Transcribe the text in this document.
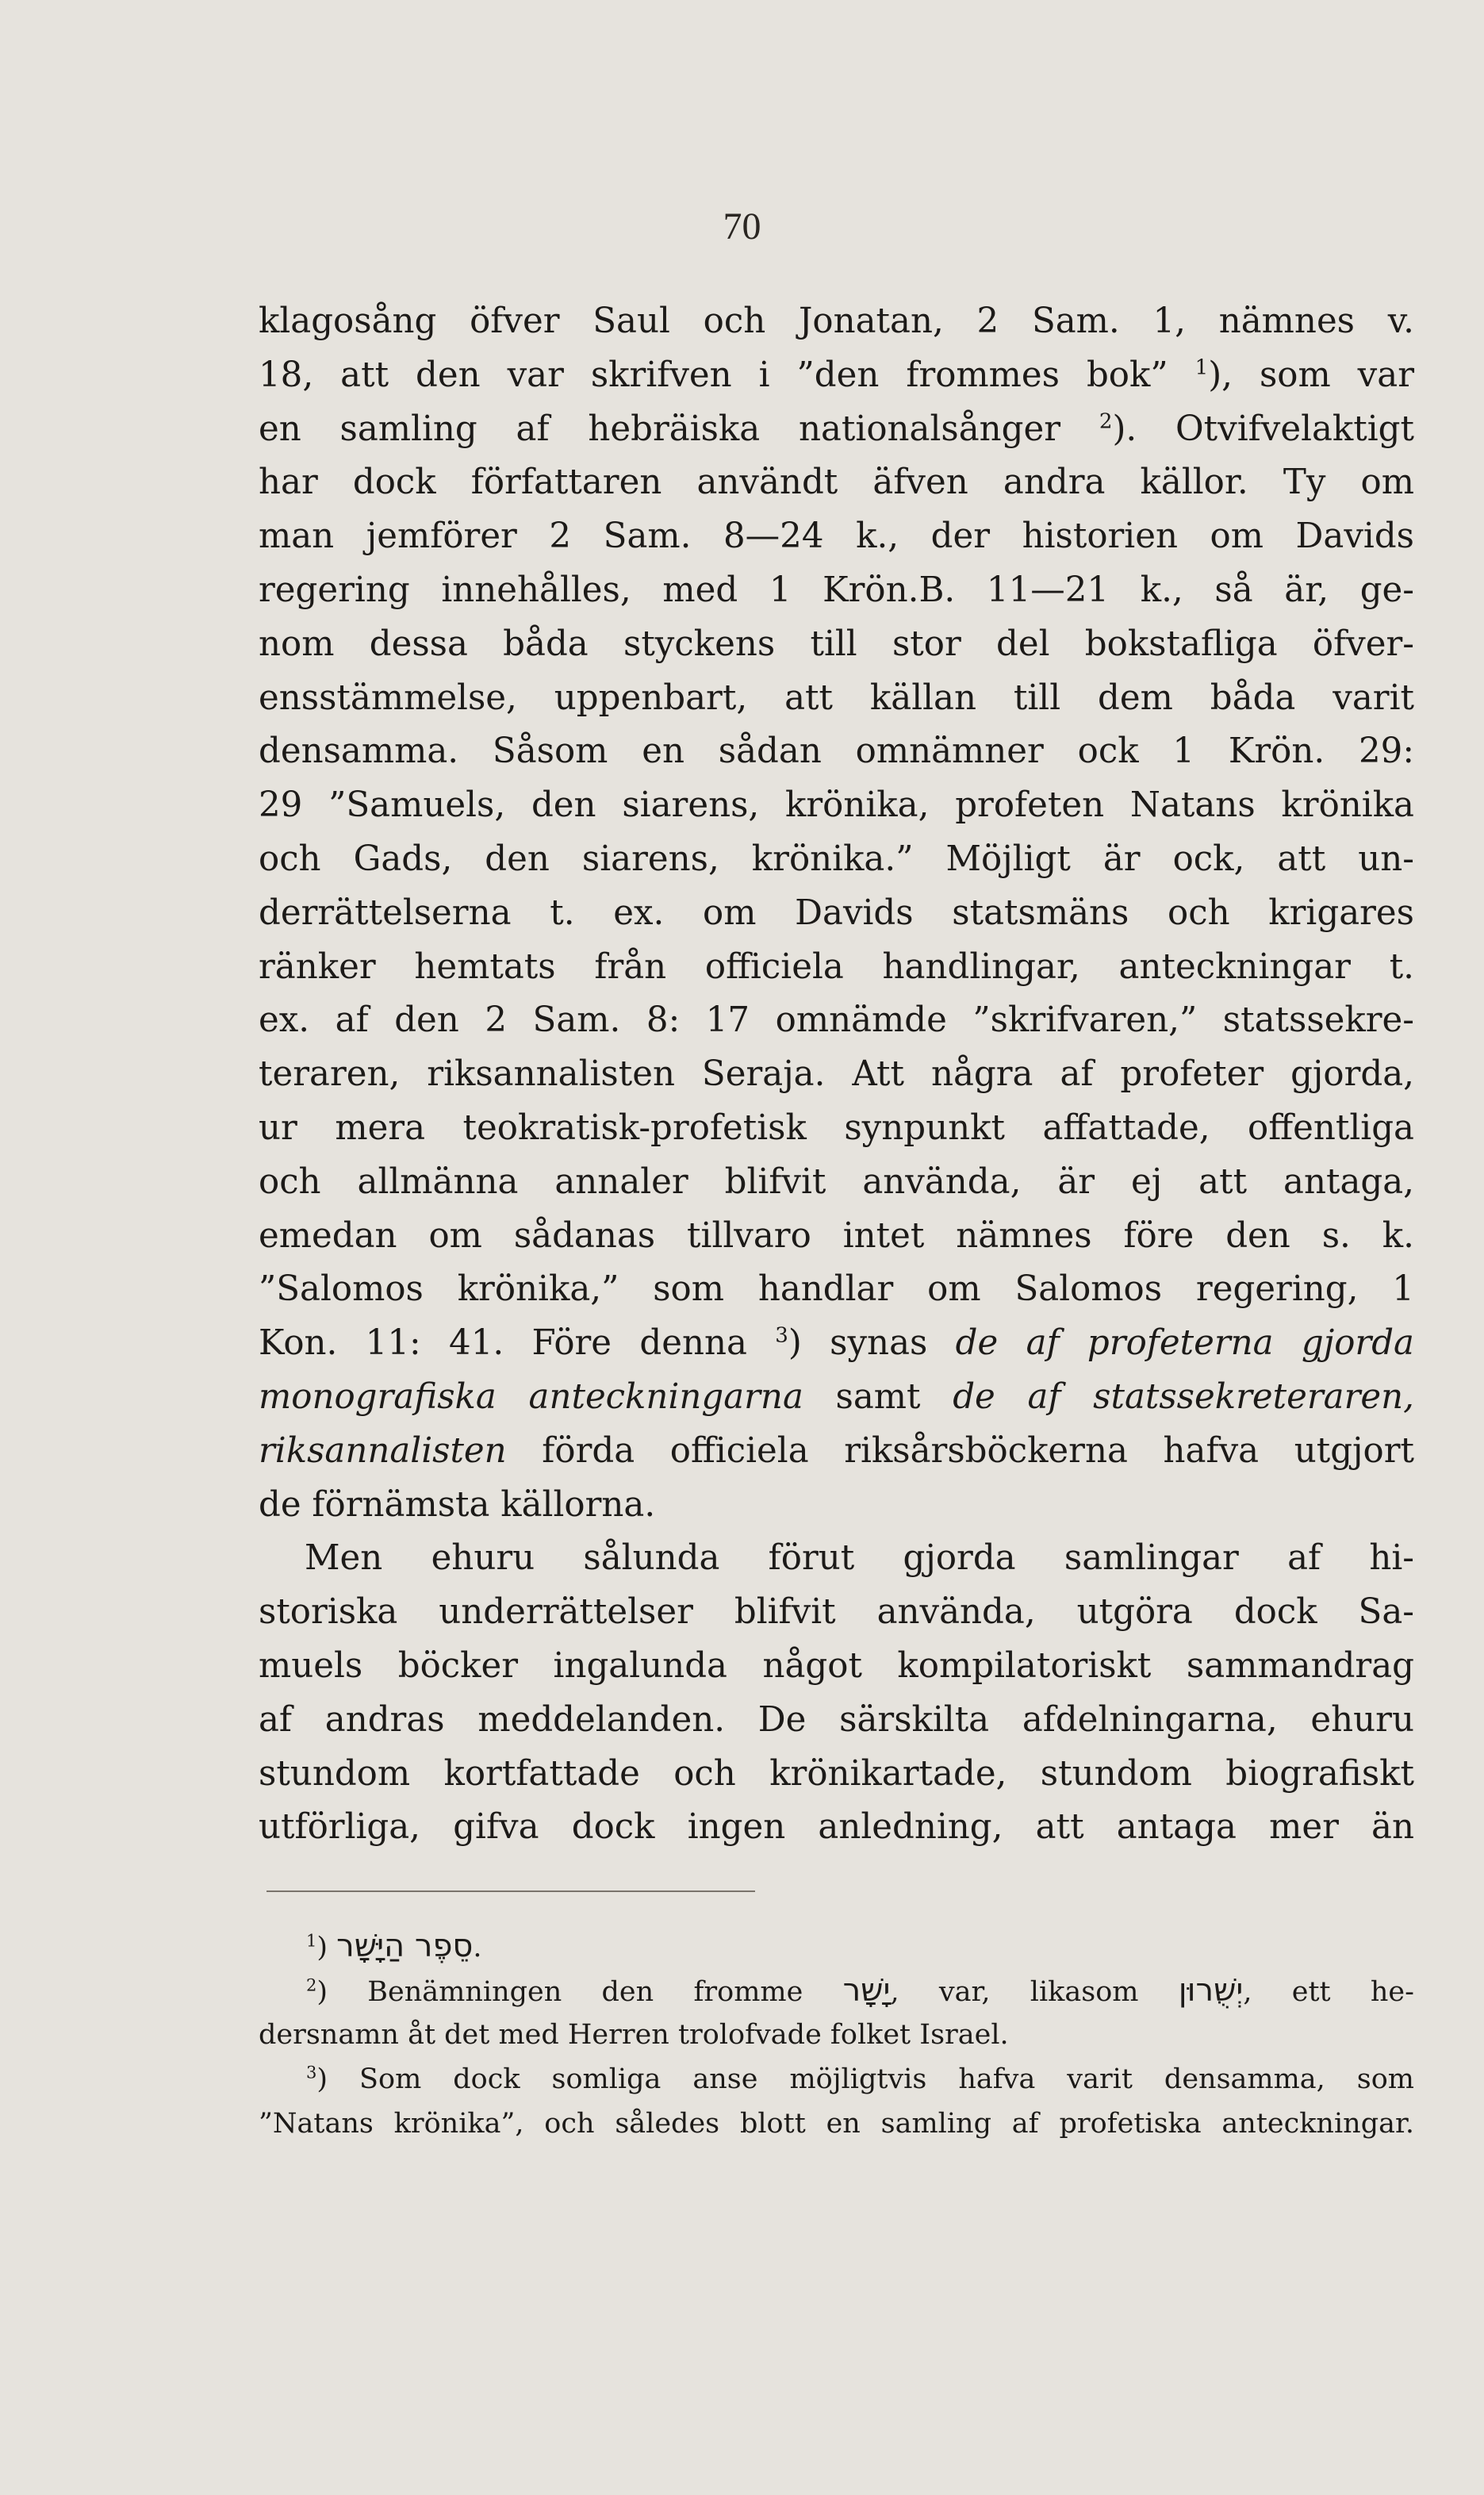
70
klagosång öfver Saul och Jonatan, 2 Sam. 1, nämnes v.
18, att den var skrifven i ”den frommes bok” $^1$), som var
en samling af hebräiska nationalsånger $^2$). Otvifvelaktigt
har dock författaren användt äfven andra källor. Ty om
man jemförer 2 Sam. 8—24 k., der historien om Davids
regering innehålles, med 1 Krön.B. 11—21 k., så är, ge-
nom dessa båda styckens till stor del bokstafliga öfver-
ensstämmelse, uppenbart, att källan till dem båda varit
densamma. Såsom en sådan omnämner ock 1 Krön. 29:
29 ”Samuels, den siarens, krönika, profeten Natans krönika
och Gads, den siarens, krönika.” Möjligt är ock, att un-
derrättelserna t. ex. om Davids statsmäns och krigares
ränker hemtats från officiela handlingar, anteckningar t.
ex. af den 2 Sam. 8: 17 omnämde ”skrifvaren,” statssekre-
teraren, riksannalisten Seraja. Att några af profeter gjorda,
ur mera teokratisk-profetisk synpunkt affattade, offentliga
och allmänna annaler blifvit använda, är ej att antaga,
emedan om sådanas tillvaro intet nämnes före den s. k.
”Salomos krönika,” som handlar om Salomos regering, 1
Kon. 11: 41. Före denna $^3$) synas de af profeterna gjorda
monografiska anteckningarna samt de af statssekreteraren,
riksannalisten förda officiela riksårsböckerna hafva utgjort
de förnämsta källorna.
Men ehuru sålunda förut gjorda samlingar af hi-
storiska underrättelser blifvit använda, utgöra dock Sa-
muels böcker ingalunda något kompilatoriskt sammandrag
af andras meddelanden. De särskilta afdelningarna, ehuru
stundom kortfattade och krönikartade, stundom biografiskt
utförliga, gifva dock ingen anledning, att antaga mer än
$^1$) סֵפֶר הַיָּשָׁר.
$^2$) Benämningen den fromme יָשָׁר, var, likasom יְשֻׁרוּן, ett he-
dersnamn åt det med Herren trolofvade folket Israel.
$^3$) Som dock somliga anse möjligtvis hafva varit densamma, som
”Natans krönika”, och således blott en samling af profetiska anteckningar.
